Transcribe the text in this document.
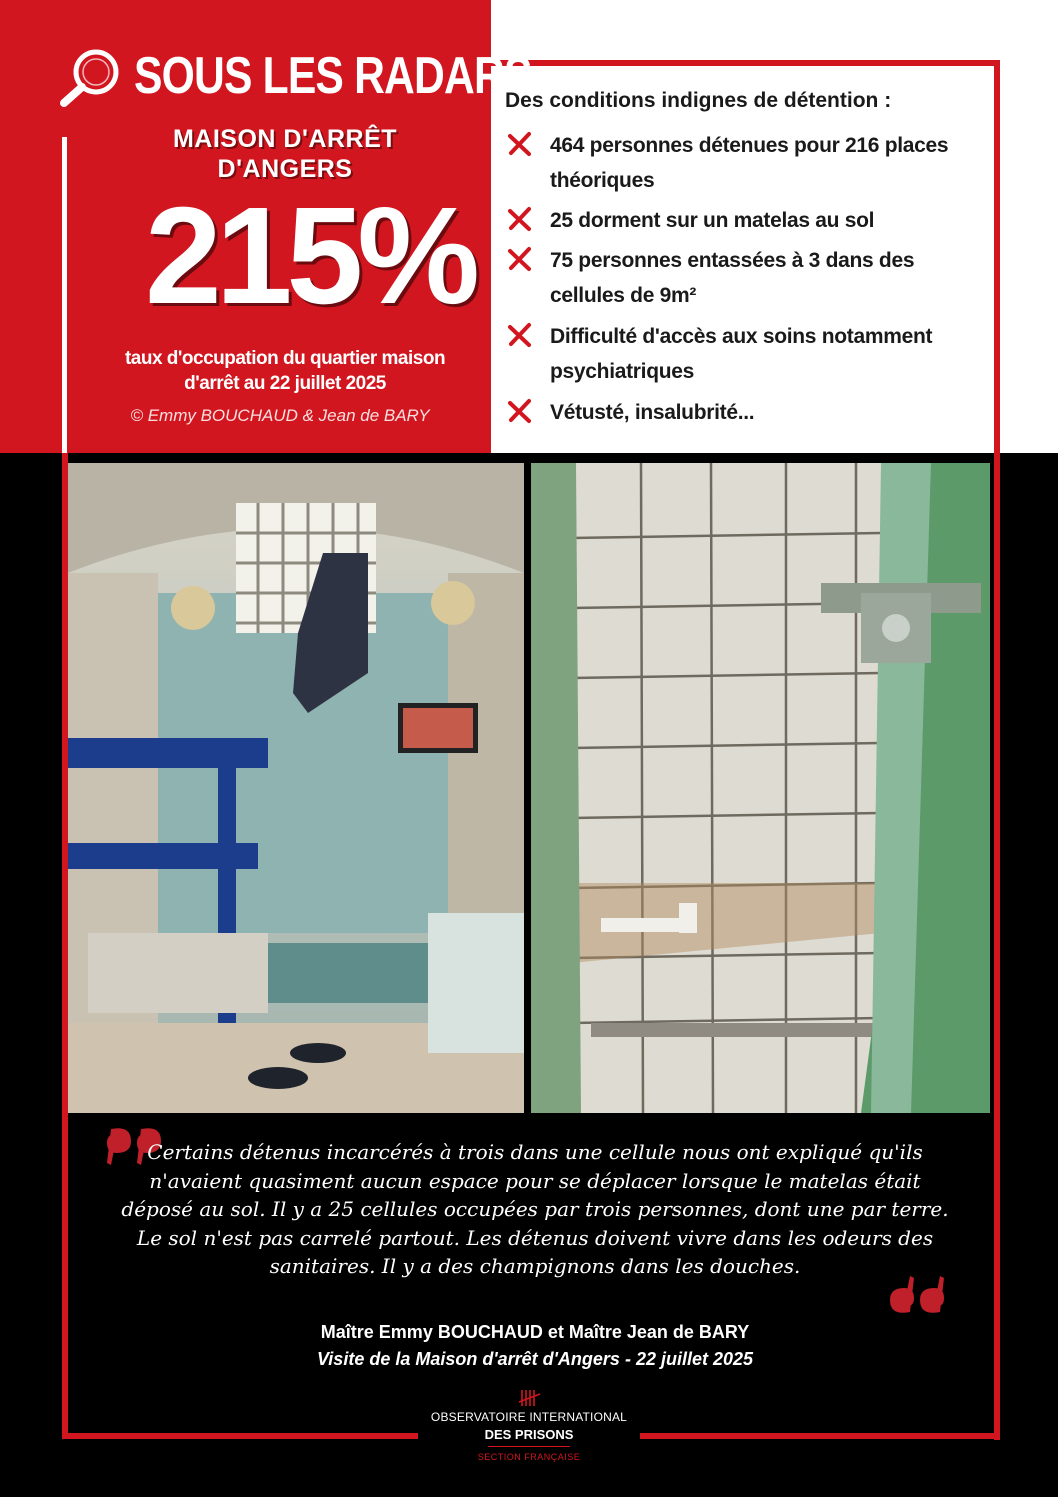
SOUS LES RADARS
MAISON D'ARRÊT D'ANGERS
215%
taux d'occupation du quartier maison d'arrêt au 22 juillet 2025
© Emmy BOUCHAUD & Jean de BARY
Des conditions indignes de détention :
464 personnes détenues pour 216 places théoriques
25 dorment sur un matelas au sol
75 personnes entassées à 3 dans des cellules de 9m²
Difficulté d'accès aux soins notamment psychiatriques
Vétusté, insalubrité...
Certains détenus incarcérés à trois dans une cellule nous ont expliqué qu'ils n'avaient quasiment aucun espace pour se déplacer lorsque le matelas était déposé au sol. Il y a 25 cellules occupées par trois personnes, dont une par terre. Le sol n'est pas carrelé partout. Les détenus doivent vivre dans les odeurs des sanitaires. Il y a des champignons dans les douches.
Maître Emmy BOUCHAUD et Maître Jean de BARY
Visite de la Maison d'arrêt d'Angers - 22 juillet 2025
OBSERVATOIRE INTERNATIONAL
DES PRISONS
SECTION FRANÇAISE
